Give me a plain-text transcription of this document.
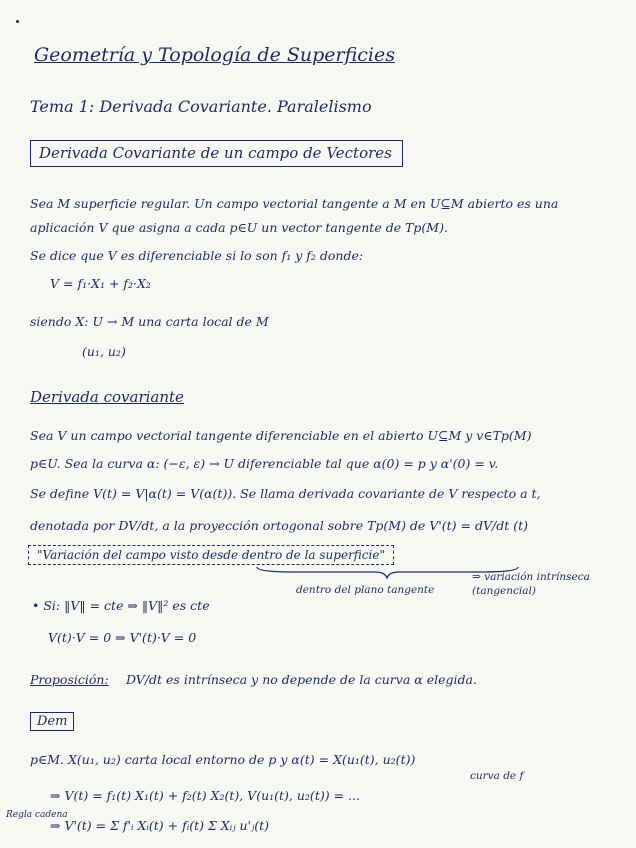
Geometría y Topología de Superficies
Tema 1: Derivada Covariante. Paralelismo
Derivada Covariante de un campo de Vectores
Sea M superficie regular. Un campo vectorial tangente a M en U⊆M abierto es una
aplicación V que asigna a cada p∈U un vector tangente de Tp(M).
Se dice que V es diferenciable si lo son f₁ y f₂ donde:
V = f₁·X₁ + f₂·X₂
siendo X: U → M una carta local de M
(u₁, u₂)
Derivada covariante
Sea V un campo vectorial tangente diferenciable en el abierto U⊆M y v∈Tp(M)
p∈U. Sea la curva α: (−ε, ε) → U diferenciable tal que α(0) = p y α'(0) = v.
Se define V(t) = V|α(t) = V(α(t)). Se llama derivada covariante de V respecto a t,
denotada por DV/dt, a la proyección ortogonal sobre Tp(M) de V'(t) = dV/dt (t)
"Variación del campo visto desde dentro de la superficie"
dentro del plano tangente
⇒ variación intrínseca (tangencial)
• Si: ‖V‖ = cte ⇒ ‖V‖² es cte
V(t)·V = 0 ⇒ V'(t)·V = 0
Proposición: DV/dt es intrínseca y no depende de la curva α elegida.
Dem
p∈M. X(u₁, u₂) carta local entorno de p y α(t) = X(u₁(t), u₂(t))
curva de f
⇒ V(t) = f₁(t) X₁(t) + f₂(t) X₂(t), V(u₁(t), u₂(t)) = ...
Regla cadena
⇒ V'(t) = Σ f'ᵢ Xᵢ(t) + fᵢ(t) Σ Xᵢⱼ u'ⱼ(t)
